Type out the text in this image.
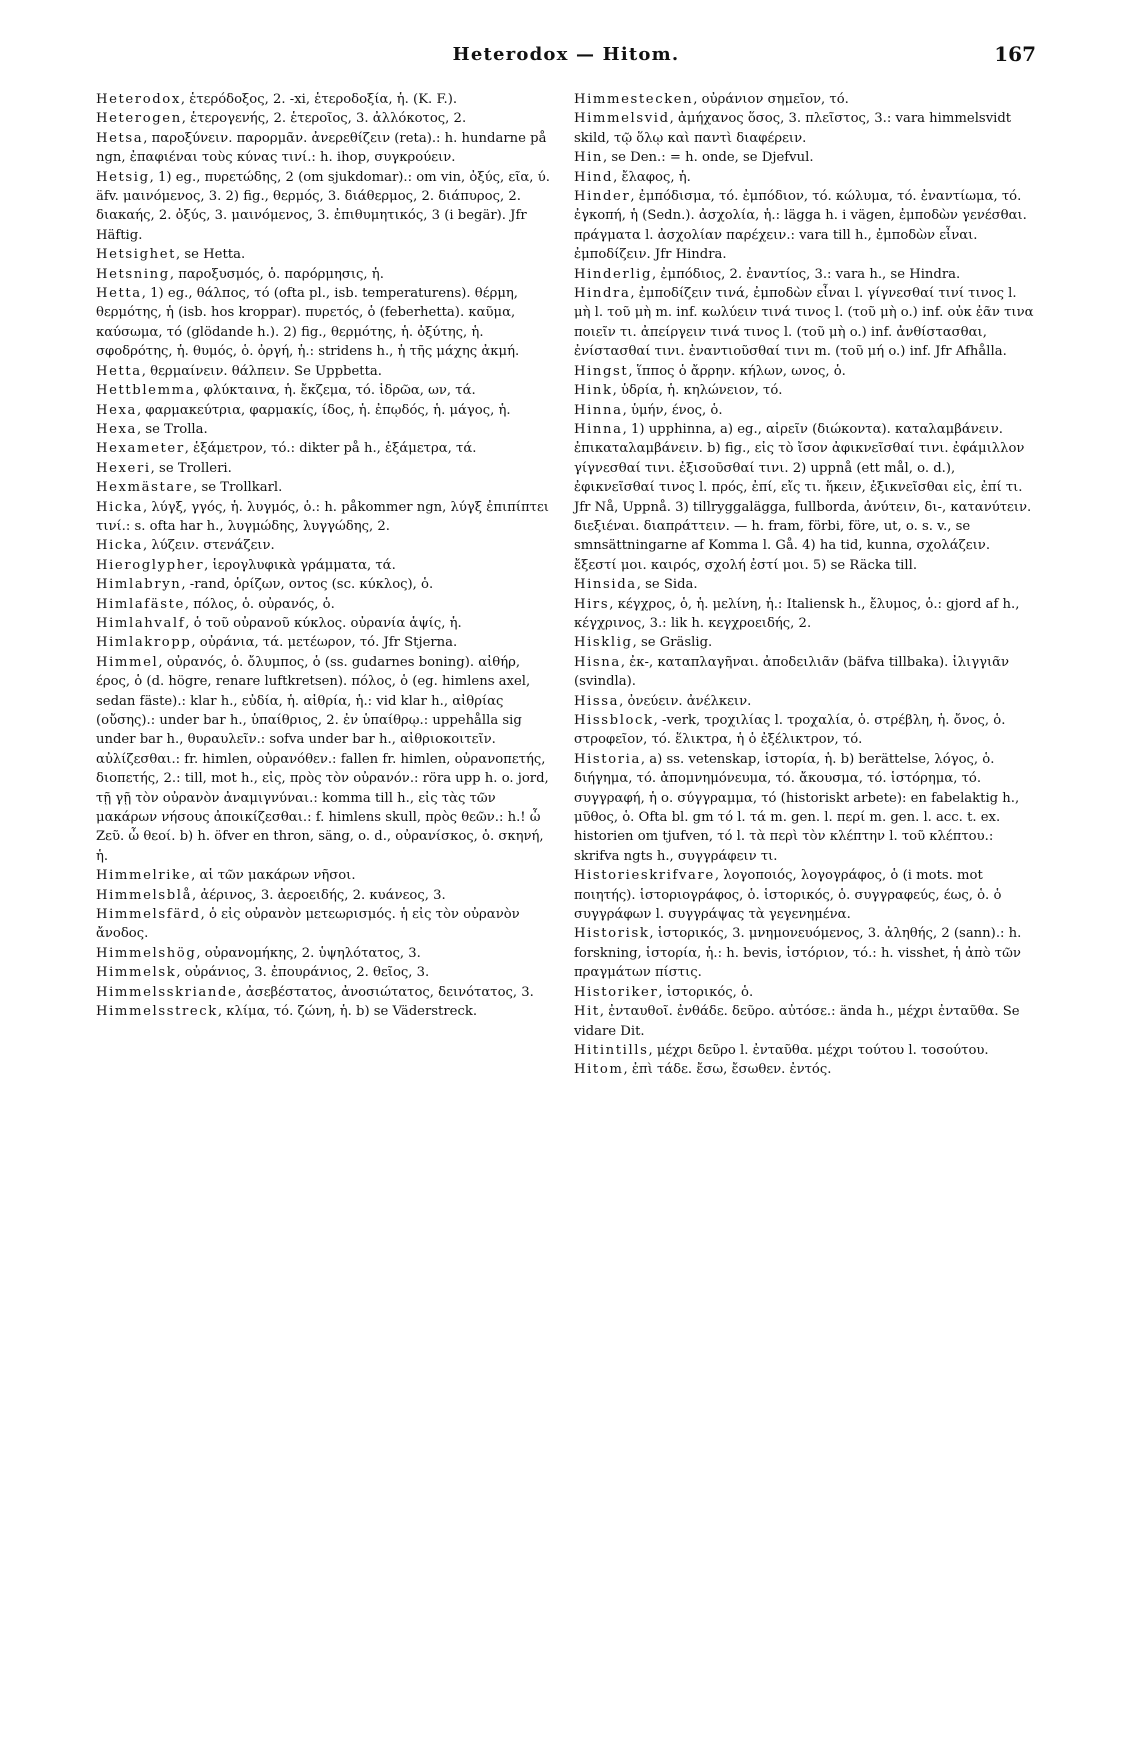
Heterodox — Hitom.	167

Heterodox, ἑτερόδοξος, 2. -xi, ἑτεροδοξία, ἡ. (K. F.).

Heterogen, ἑτερογενής, 2. ἑτεροῖος, 3. ἀλλόκοτος, 2.

Hetsa, παροξύνειν. παρορμᾶν. ἀνερεθίζειν (reta).: h. hundarne på ngn, ἐπαφιέναι τοὺς κύνας τινί.: h. ihop, συγκρούειν.

Hetsig, 1) eg., πυρετώδης, 2 (om sjukdomar).: om vin, ὀξύς, εῖα, ύ. äfv. μαινόμενος, 3. 2) fig., θερμός, 3. διάθερμος, 2. διάπυρος, 2. διακαής, 2. ὀξύς, 3. μαινόμενος, 3. ἐπιθυμητικός, 3 (i begär). Jfr Häftig.

Hetsighet, se Hetta.

Hetsning, παροξυσμός, ὁ. παρόρμησις, ἡ.

Hetta, 1) eg., θάλπος, τό (ofta pl., isb. temperaturens). θέρμη, θερμότης, ἡ (isb. hos kroppar). πυρετός, ὁ (feberhetta). καῦμα, καύσωμα, τό (glödande h.). 2) fig., θερμότης, ἡ. ὀξύτης, ἡ. σφοδρότης, ἡ. θυμός, ὁ. ὀργή, ἡ.: stridens h., ἡ τῆς μάχης ἀκμή.

Hetta, θερμαίνειν. θάλπειν. Se Uppbetta.

Hettblemma, φλύκταινα, ἡ. ἔκζεμα, τό. ἱδρῶα, ων, τά.

Hexa, φαρμακεύτρια, φαρμακίς, ίδος, ἡ. ἐπῳδός, ἡ. μάγος, ἡ.

Hexa, se Trolla.

Hexameter, ἑξάμετρον, τό.: dikter på h., ἑξάμετρα, τά.

Hexeri, se Trolleri.

Hexmästare, se Trollkarl.

Hicka, λύγξ, γγός, ἡ. λυγμός, ὁ.: h. påkommer ngn, λύγξ ἐπιπίπτει τινί.: s. ofta har h., λυγμώδης, λυγγώδης, 2.

Hicka, λύζειν. στενάζειν.

Hieroglypher, ἱερογλυφικὰ γράμματα, τά.

Himlabryn, -rand, ὁρίζων, οντος (sc. κύκλος), ὁ.

Himlafäste, πόλος, ὁ. οὐρανός, ὁ.

Himlahvalf, ὁ τοῦ οὐρανοῦ κύκλος. οὐρανία ἁψίς, ἡ.

Himlakropp, οὐράνια, τά. μετέωρον, τό. Jfr Stjerna.

Himmel, οὐρανός, ὁ. ὄλυμπος, ὁ (ss. gudarnes boning). αἰθήρ, έρος, ὁ (d. högre, renare luftkretsen). πόλος, ὁ (eg. himlens axel, sedan fäste).: klar h., εὐδία, ἡ. αἰθρία, ἡ.: vid klar h., αἰθρίας (οὔσης).: under bar h., ὑπαίθριος, 2. ἐν ὑπαίθρῳ.: uppehålla sig under bar h., θυραυλεῖν.: sofva under bar h., αἰθριοκοιτεῖν. αὐλίζεσθαι.: fr. himlen, οὐρανόθεν.: fallen fr. himlen, οὐρανοπετής, διοπετής, 2.: till, mot h., εἰς, πρὸς τὸν οὐρανόν.: röra upp h. o. jord, τῇ γῇ τὸν οὐρανὸν ἀναμιγνύναι.: komma till h., εἰς τὰς τῶν μακάρων νήσους ἀποικίζεσθαι.: f. himlens skull, πρὸς θεῶν.: h.! ὦ Ζεῦ. ὦ θεοί. b) h. öfver en thron, säng, o. d., οὐρανίσκος, ὁ. σκηνή, ἡ.

Himmelrike, αἱ τῶν μακάρων νῆσοι.

Himmelsblå, ἀέρινος, 3. ἀεροειδής, 2. κυάνεος, 3.

Himmelsfärd, ὁ εἰς οὐρανὸν μετεωρισμός. ἡ εἰς τὸν οὐρανὸν ἄνοδος.

Himmelshög, οὐρανομήκης, 2. ὑψηλότατος, 3.

Himmelsk, οὐράνιος, 3. ἐπουράνιος, 2. θεῖος, 3.

Himmelsskriande, ἀσεβέστατος, ἀνοσιώτατος, δεινότατος, 3.

Himmelsstreck, κλίμα, τό. ζώνη, ἡ. b) se Väderstreck.

Himmestecken, οὐράνιον σημεῖον, τό.

Himmelsvid, ἀμήχανος ὅσος, 3. πλεῖστος, 3.: vara himmelsvidt skild, τῷ ὅλῳ καὶ παντὶ διαφέρειν.

Hin, se Den.: = h. onde, se Djefvul.

Hind, ἔλαφος, ἡ.

Hinder, ἐμπόδισμα, τό. ἐμπόδιον, τό. κώλυμα, τό. ἐναντίωμα, τό. ἐγκοπή, ἡ (Sedn.). ἀσχολία, ἡ.: lägga h. i vägen, ἐμποδὼν γενέσθαι. πράγματα l. ἀσχολίαν παρέχειν.: vara till h., ἐμποδὼν εἶναι. ἐμποδίζειν. Jfr Hindra.

Hinderlig, ἐμπόδιος, 2. ἐναντίος, 3.: vara h., se Hindra.

Hindra, ἐμποδίζειν τινά, ἐμποδὼν εἶναι l. γίγνεσθαί τινί τινος l. μὴ l. τοῦ μὴ m. inf. κωλύειν τινά τινος l. (τοῦ μὴ o.) inf. οὐκ ἐᾶν τινα ποιεῖν τι. ἀπείργειν τινά τινος l. (τοῦ μὴ o.) inf. ἀνθίστασθαι, ἐνίστασθαί τινι. ἐναντιοῦσθαί τινι m. (τοῦ μή o.) inf. Jfr Afhålla.

Hingst, ἵππος ὁ ἄρρην. κήλων, ωνος, ὁ.

Hink, ὑδρία, ἡ. κηλώνειον, τό.

Hinna, ὑμήν, ένος, ὁ.

Hinna, 1) upphinna, a) eg., αἱρεῖν (διώκοντα). καταλαμβάνειν. ἐπικαταλαμβάνειν. b) fig., εἰς τὸ ἴσον ἀφικνεῖσθαί τινι. ἐφάμιλλον γίγνεσθαί τινι. ἐξισοῦσθαί τινι. 2) uppnå (ett mål, o. d.), ἐφικνεῖσθαί τινος l. πρός, ἐπί, εἴς τι. ἥκειν, ἐξικνεῖσθαι εἰς, ἐπί τι. Jfr Nå, Uppnå. 3) tillryggalägga, fullborda, ἀνύτειν, δι-, κατανύτειν. διεξιέναι. διαπράττειν. — h. fram, förbi, före, ut, o. s. v., se smnsättningarne af Komma l. Gå. 4) ha tid, kunna, σχολάζειν. ἔξεστί μοι. καιρός, σχολή ἐστί μοι. 5) se Räcka till.

Hinsida, se Sida.

Hirs, κέγχρος, ὁ, ἡ. μελίνη, ἡ.: Italiensk h., ἔλυμος, ὁ.: gjord af h., κέγχρινος, 3.: lik h. κεγχροειδής, 2.

Hisklig, se Gräslig.

Hisna, ἐκ-, καταπλαγῆναι. ἀποδειλιᾶν (bäfva tillbaka). ἰλιγγιᾶν (svindla).

Hissa, ὀνεύειν. ἀνέλκειν.

Hissblock, -verk, τροχιλίας l. τροχαλία, ὁ. στρέβλη, ἡ. ὄνος, ὁ. στροφεῖον, τό. ἕλικτρα, ἡ ὁ ἐξέλικτρον, τό.

Historia, a) ss. vetenskap, ἱστορία, ἡ. b) berättelse, λόγος, ὁ. διήγημα, τό. ἀπομνημόνευμα, τό. ἄκουσμα, τό. ἱστόρημα, τό. συγγραφή, ἡ ο. σύγγραμμα, τό (historiskt arbete): en fabelaktig h., μῦθος, ὁ. Ofta bl. gm τό l. τά m. gen. l. περί m. gen. l. acc. t. ex. historien om tjufven, τό l. τὰ περὶ τὸν κλέπτην l. τοῦ κλέπτου.: skrifva ngts h., συγγράφειν τι.

Historieskrifvare, λογοποιός, λογογράφος, ὁ (i mots. mot ποιητής). ἱστοριογράφος, ὁ. ἱστορικός, ὁ. συγγραφεύς, έως, ὁ. ὁ συγγράφων l. συγγράψας τὰ γεγενημένα.

Historisk, ἱστορικός, 3. μνημονευόμενος, 3. ἀληθής, 2 (sann).: h. forskning, ἱστορία, ἡ.: h. bevis, ἱστόριον, τό.: h. visshet, ἡ ἀπὸ τῶν πραγμάτων πίστις.

Historiker, ἱστορικός, ὁ.

Hit, ἐνταυθοῖ. ἐνθάδε. δεῦρο. αὐτόσε.: ända h., μέχρι ἐνταῦθα. Se vidare Dit.

Hitintills, μέχρι δεῦρο l. ἐνταῦθα. μέχρι τούτου l. τοσούτου.

Hitom, ἐπὶ τάδε. ἔσω, ἔσωθεν. ἐντός.
